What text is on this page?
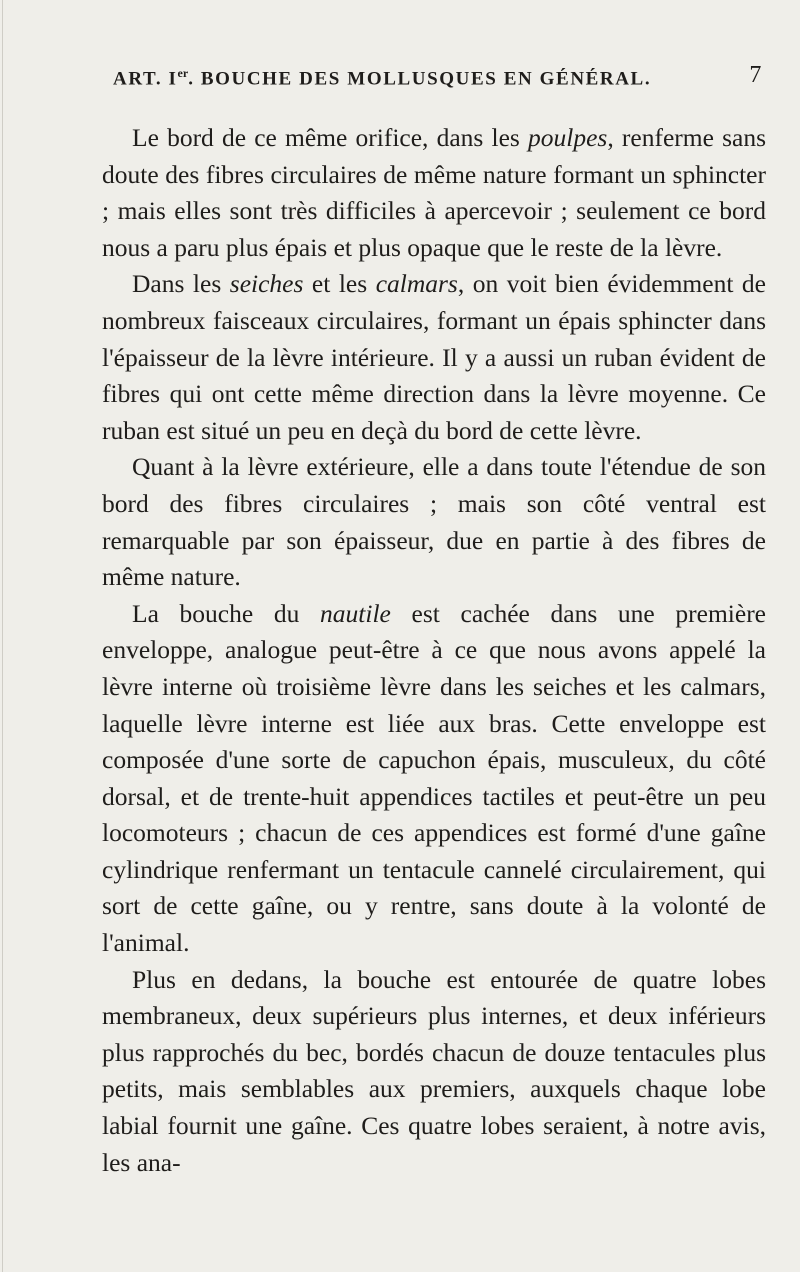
ART. Ier. BOUCHE DES MOLLUSQUES EN GÉNÉRAL.	7

Le bord de ce même orifice, dans les poulpes, renferme sans doute des fibres circulaires de même nature formant un sphincter ; mais elles sont très difficiles à apercevoir ; seulement ce bord nous a paru plus épais et plus opaque que le reste de la lèvre.

Dans les seiches et les calmars, on voit bien évidemment de nombreux faisceaux circulaires, formant un épais sphincter dans l'épaisseur de la lèvre intérieure. Il y a aussi un ruban évident de fibres qui ont cette même direction dans la lèvre moyenne. Ce ruban est situé un peu en deçà du bord de cette lèvre.

Quant à la lèvre extérieure, elle a dans toute l'étendue de son bord des fibres circulaires ; mais son côté ventral est remarquable par son épaisseur, due en partie à des fibres de même nature.

La bouche du nautile est cachée dans une première enveloppe, analogue peut-être à ce que nous avons appelé la lèvre interne où troisième lèvre dans les seiches et les calmars, laquelle lèvre interne est liée aux bras. Cette enveloppe est composée d'une sorte de capuchon épais, musculeux, du côté dorsal, et de trente-huit appendices tactiles et peut-être un peu locomoteurs ; chacun de ces appendices est formé d'une gaîne cylindrique renfermant un tentacule cannelé circulairement, qui sort de cette gaîne, ou y rentre, sans doute à la volonté de l'animal.

Plus en dedans, la bouche est entourée de quatre lobes membraneux, deux supérieurs plus internes, et deux inférieurs plus rapprochés du bec, bordés chacun de douze tentacules plus petits, mais semblables aux premiers, auxquels chaque lobe labial fournit une gaîne. Ces quatre lobes seraient, à notre avis, les ana-
